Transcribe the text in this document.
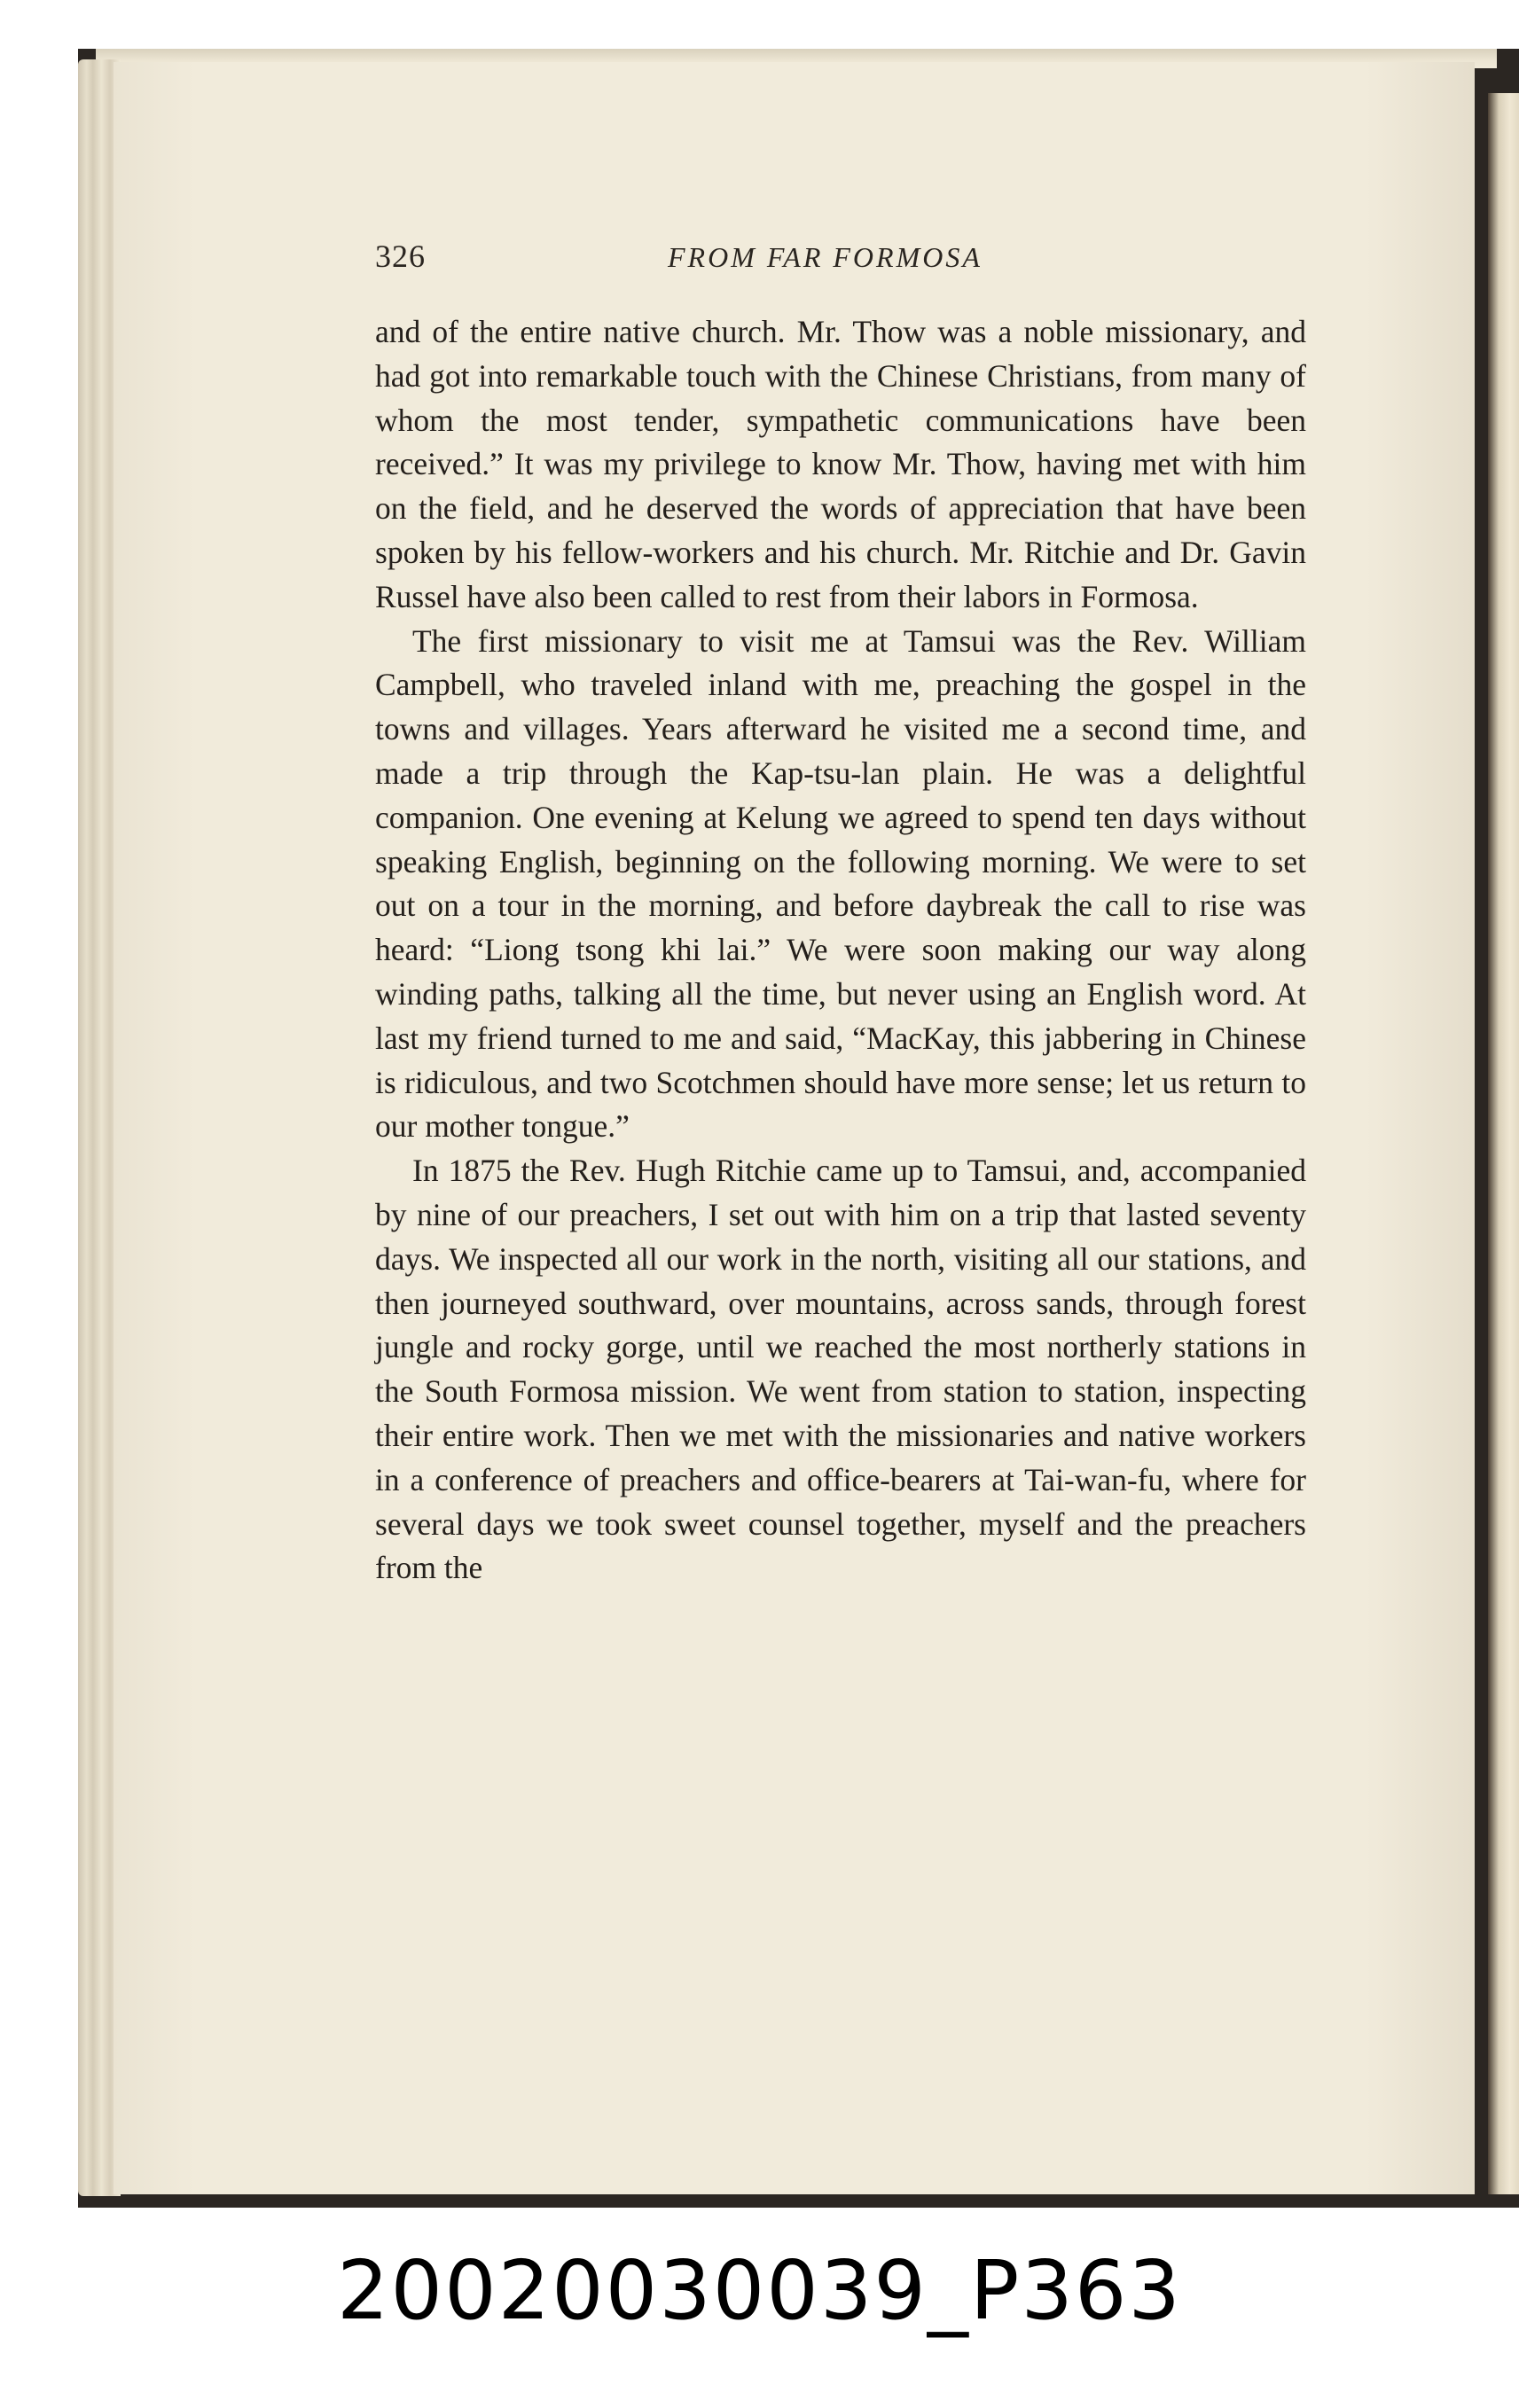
326	FROM FAR FORMOSA

and of the entire native church. Mr. Thow was a noble missionary, and had got into remarkable touch with the Chinese Christians, from many of whom the most tender, sympathetic communications have been received.” It was my privilege to know Mr. Thow, having met with him on the field, and he deserved the words of appreciation that have been spoken by his fellow-workers and his church. Mr. Ritchie and Dr. Gavin Russel have also been called to rest from their labors in Formosa.

The first missionary to visit me at Tamsui was the Rev. William Campbell, who traveled inland with me, preaching the gospel in the towns and villages. Years afterward he visited me a second time, and made a trip through the Kap-tsu-lan plain. He was a delightful companion. One evening at Kelung we agreed to spend ten days without speaking English, beginning on the following morning. We were to set out on a tour in the morning, and before daybreak the call to rise was heard: “Liong tsong khi lai.” We were soon making our way along winding paths, talking all the time, but never using an English word. At last my friend turned to me and said, “MacKay, this jabbering in Chinese is ridiculous, and two Scotchmen should have more sense; let us return to our mother tongue.”

In 1875 the Rev. Hugh Ritchie came up to Tamsui, and, accompanied by nine of our preachers, I set out with him on a trip that lasted seventy days. We inspected all our work in the north, visiting all our stations, and then journeyed southward, over mountains, across sands, through forest jungle and rocky gorge, until we reached the most northerly stations in the South Formosa mission. We went from station to station, inspecting their entire work. Then we met with the missionaries and native workers in a conference of preachers and office-bearers at Tai-wan-fu, where for several days we took sweet counsel together, myself and the preachers from the

20020030039_P363
